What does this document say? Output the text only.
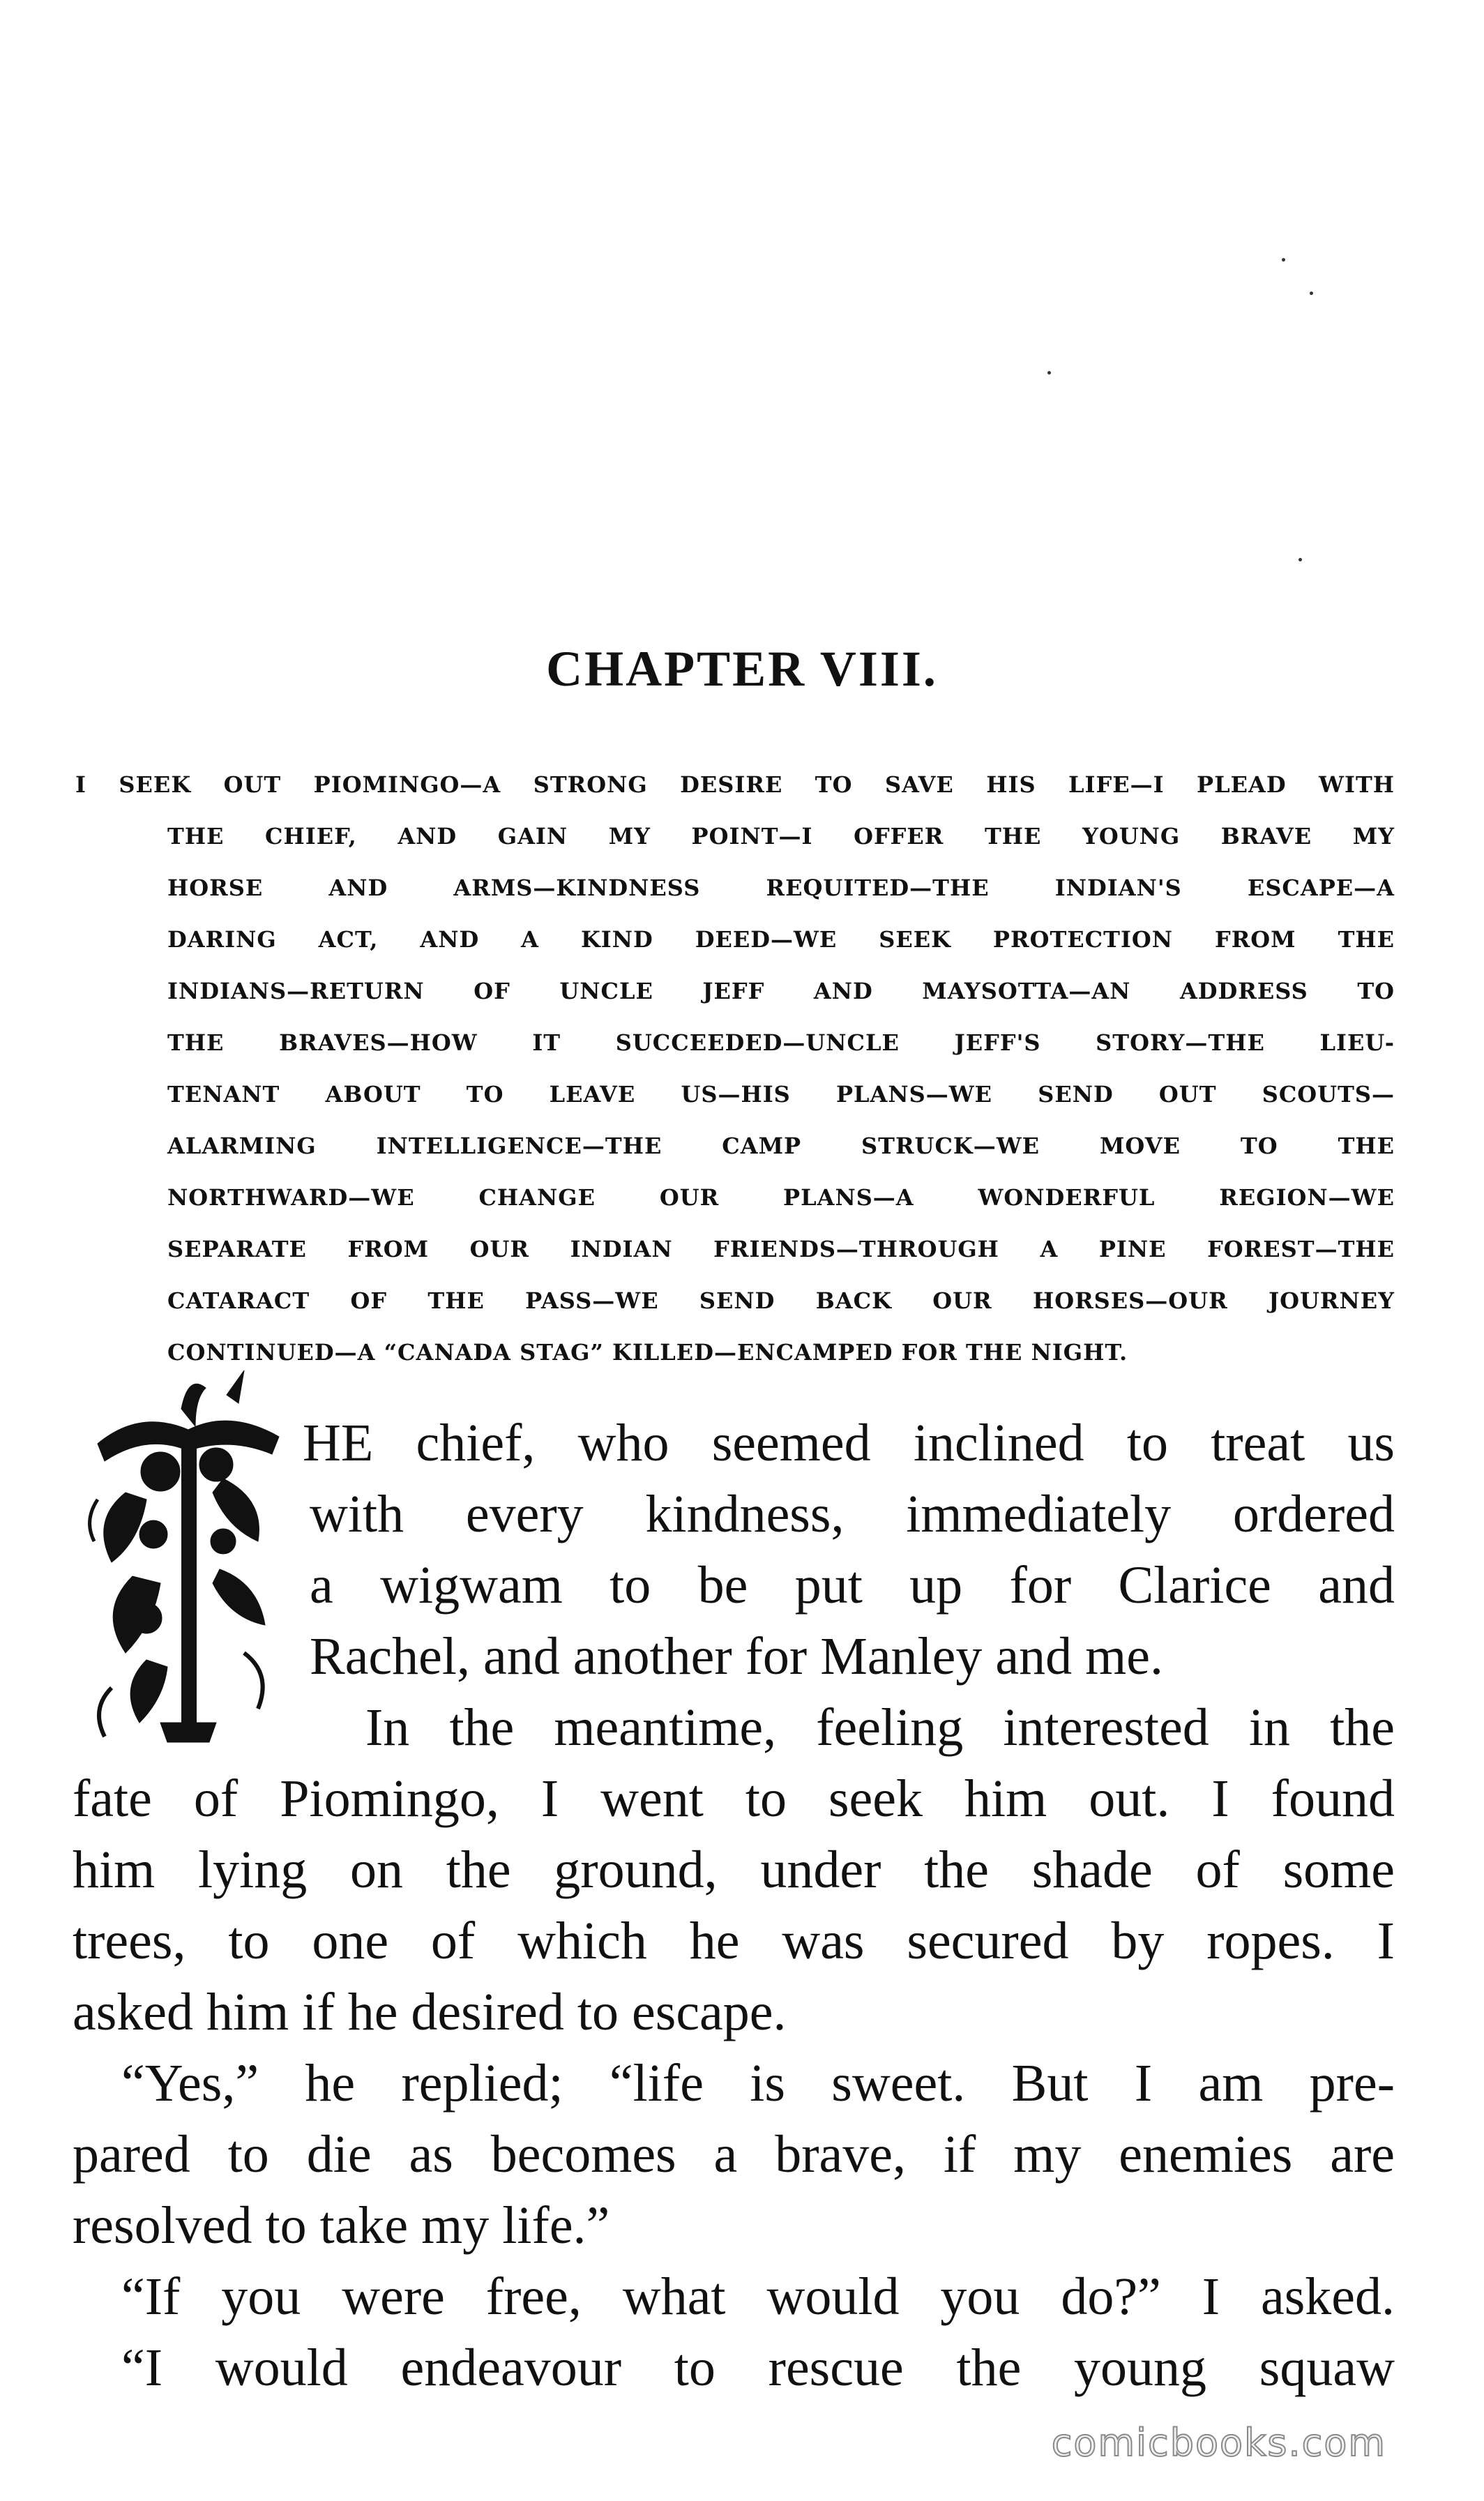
CHAPTER VIII.
I SEEK OUT PIOMINGO—A STRONG DESIRE TO SAVE HIS LIFE—I PLEAD WITH
THE CHIEF, AND GAIN MY POINT—I OFFER THE YOUNG BRAVE MY
HORSE AND ARMS—KINDNESS REQUITED—THE INDIAN'S ESCAPE—A
DARING ACT, AND A KIND DEED—WE SEEK PROTECTION FROM THE
INDIANS—RETURN OF UNCLE JEFF AND MAYSOTTA—AN ADDRESS TO
THE BRAVES—HOW IT SUCCEEDED—UNCLE JEFF'S STORY—THE LIEU-
TENANT ABOUT TO LEAVE US—HIS PLANS—WE SEND OUT SCOUTS—
ALARMING INTELLIGENCE—THE CAMP STRUCK—WE MOVE TO THE
NORTHWARD—WE CHANGE OUR PLANS—A WONDERFUL REGION—WE
SEPARATE FROM OUR INDIAN FRIENDS—THROUGH A PINE FOREST—THE
CATARACT OF THE PASS—WE SEND BACK OUR HORSES—OUR JOURNEY
CONTINUED—A “CANADA STAG” KILLED—ENCAMPED FOR THE NIGHT.
HE chief, who seemed inclined to treat us
with every kindness, immediately ordered
a wigwam to be put up for Clarice and
Rachel, and another for Manley and me.
In the meantime, feeling interested in the
fate of Piomingo, I went to seek him out. I found
him lying on the ground, under the shade of some
trees, to one of which he was secured by ropes. I
asked him if he desired to escape.
“Yes,” he replied; “life is sweet. But I am pre-
pared to die as becomes a brave, if my enemies are
resolved to take my life.”
“If you were free, what would you do?” I asked.
“I would endeavour to rescue the young squaw
comicbooks.com
